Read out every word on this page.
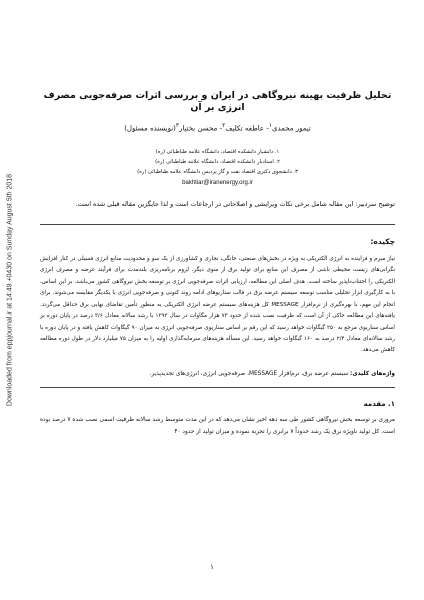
Downloaded from eppjournal.ir at 14:49 +0430 on Sunday August 5th 2018

تحلیل ظرفیت بهینه نیروگاهی در ایران و بررسی اثرات صرفه‌جویی مصرف انرژی بر آن

تیمور محمدی$^۱$- عاطفه تکلیف$^۲$- محسن بختیار$^۳$(نویسنده مسئول)

۱. دانشیار دانشکده اقتصاد، دانشگاه علامه طباطبائی (ره)

۲. استادیار دانشکده اقتصاد، دانشگاه علامه طباطبائی (ره)

۳. دانشجوی دکتری اقتصاد نفت و گاز پردیس دانشگاه علامه طباطبائی (ره)

bakhtiar@iranenergy.org.ir

توضیح سردبیر: این مقاله شامل برخی نکات ویرایشی و اصلاحاتی در ارجاعات است و لذا جایگزین مقاله قبلی شده است.

چکیده:

نیاز مبرم و فزاینده به انرژی الکتریکی به ویژه در بخش‌های صنعتی، خانگی، تجاری و کشاورزی از یک سو و محدودیت منابع انرژی فسیلی در کنار افزایش نگرانی‌های زیست محیطی ناشی از مصرف این منابع برای تولید برق از سوی دیگر، لزوم برنامه‌ریزی بلندمدت برای فرآیند عرضه و مصرف انرژی الکتریکی را اجتناب‌ناپذیر ساخته است. هدف اصلی این مطالعه، ارزیابی اثرات صرفه‌جویی انرژی بر توسعه بخش نیروگاهی کشور می‌باشد. بر این اساس، با به کارگیری ابزار تحلیلی مناسب توسعه سیستم عرضه برق در قالب سناریوهای ادامه روند کنونی و صرفه‌جویی انرژی با یکدیگر مقایسه می‌شوند. برای انجام این مهم، با بهره‌گیری از نرم‌افزار MESSAGE کل هزینه‌های سیستم عرضه انرژی الکتریکی به منظور تأمین تقاضای نهایی برق حداقل می‌گردد. یافته‌های این مطالعه حاکی از آن است که ظرفیت نصب شده از حدود ۷۳ هزار مگاوات در سال ۱۳۹۳ با رشد سالانه معادل ۳/۶ درصد در پایان دوره بر اساس سناریوی مرجع به ۲۵۰ گیگاوات خواهد رسید که این رقم بر اساس سناریوی صرفه‌جویی انرژی به میزان ۹۰ گیگاوات کاهش یافته و در پایان دوره با رشد سالانه‌ای معادل ۲/۴ درصد به ۱۶۰ گیگاوات خواهد رسید. این مسأله هزینه‌های سرمایه‌گذاری اولیه را به میزان ۷۵ میلیارد دلار در طول دوره مطالعه کاهش می‌دهد.

واژه‌های کلیدی: سیستم عرضه برق، نرم‌افزار MESSAGE، صرفه‌جویی انرژی، انرژی‌های تجدیدپذیر.

۱. مقدمه

مروری بر توسعه بخش نیروگاهی کشور طی سه دهه اخیر نشان می‌دهد که در این مدت متوسط رشد سالانه ظرفیت اسمی نصب شده ۷ درصد بوده است. کل تولید ناویژه برق یک رشد حدوداً ۷ برابری را تجربه نموده و میزان تولید از حدود ۴۰

۱
